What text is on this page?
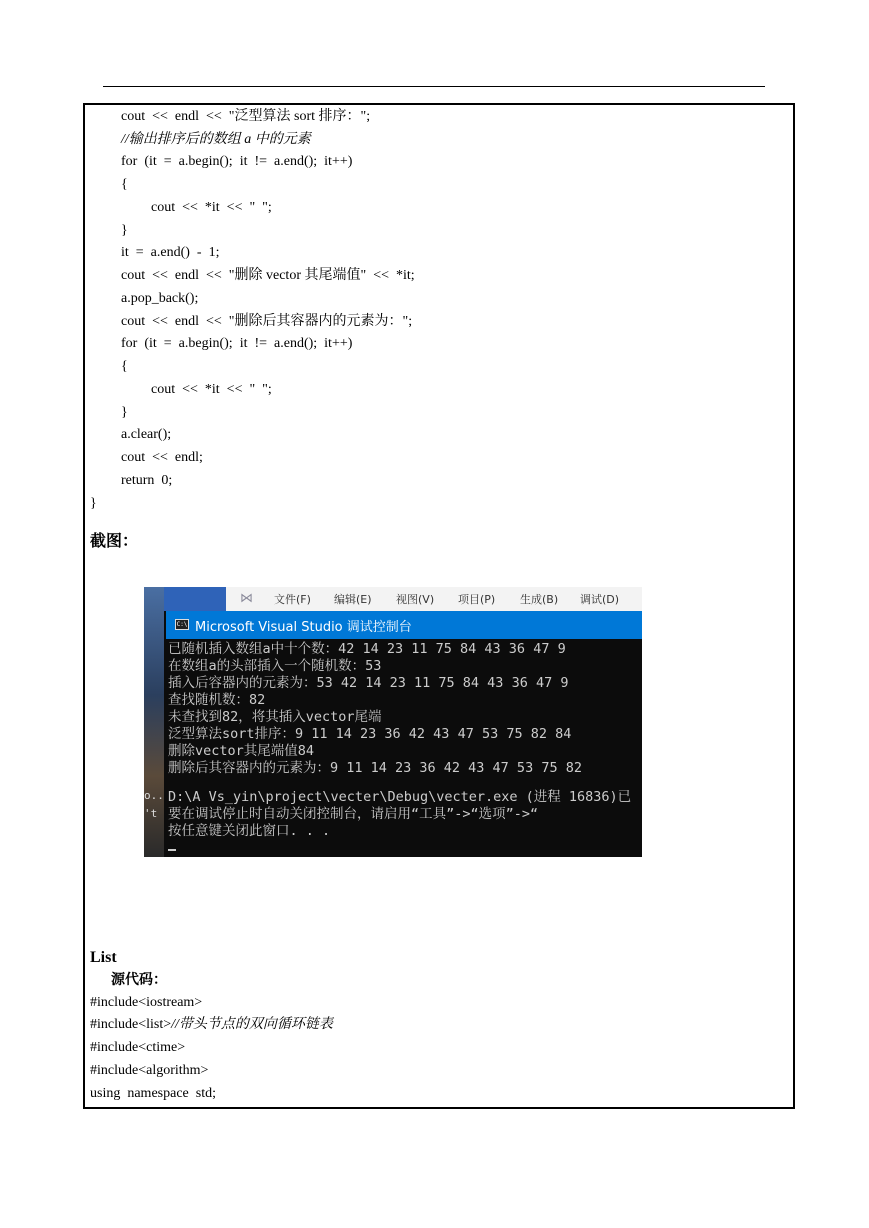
cout  <<  endl  <<  "泛型算法 sort 排序：";
//输出排序后的数组 a 中的元素
for  (it  =  a.begin();  it  !=  a.end();  it++)
{
cout  <<  *it  <<  "  ";
}
it  =  a.end()  -  1;
cout  <<  endl  <<  "删除 vector 其尾端值"  <<  *it;
a.pop_back();
cout  <<  endl  <<  "删除后其容器内的元素为：";
for  (it  =  a.begin();  it  !=  a.end();  it++)
{
cout  <<  *it  <<  "  ";
}
a.clear();
cout  <<  endl;
return  0;
}
截图：
⋈	文件(F) 编辑(E) 视图(V) 项目(P) 生成(B) 调试(D)
C:\ Microsoft Visual Studio 调试控制台
o..
't
已随机插入数组a中十个数：42 14 23 11 75 84 43 36 47 9
在数组a的头部插入一个随机数：53
插入后容器内的元素为：53 42 14 23 11 75 84 43 36 47 9
查找随机数：82
未查找到82，将其插入vector尾端
泛型算法sort排序：9 11 14 23 36 42 43 47 53 75 82 84
删除vector其尾端值84
删除后其容器内的元素为：9 11 14 23 36 42 43 47 53 75 82
D:\A Vs_yin\project\vecter\Debug\vecter.exe (进程 16836)已
要在调试停止时自动关闭控制台，请启用“工具”->“选项”->“
按任意键关闭此窗口. . .
List
源代码：
#include<iostream>
#include<list>//带头节点的双向循环链表
#include<ctime>
#include<algorithm>
using  namespace  std;
